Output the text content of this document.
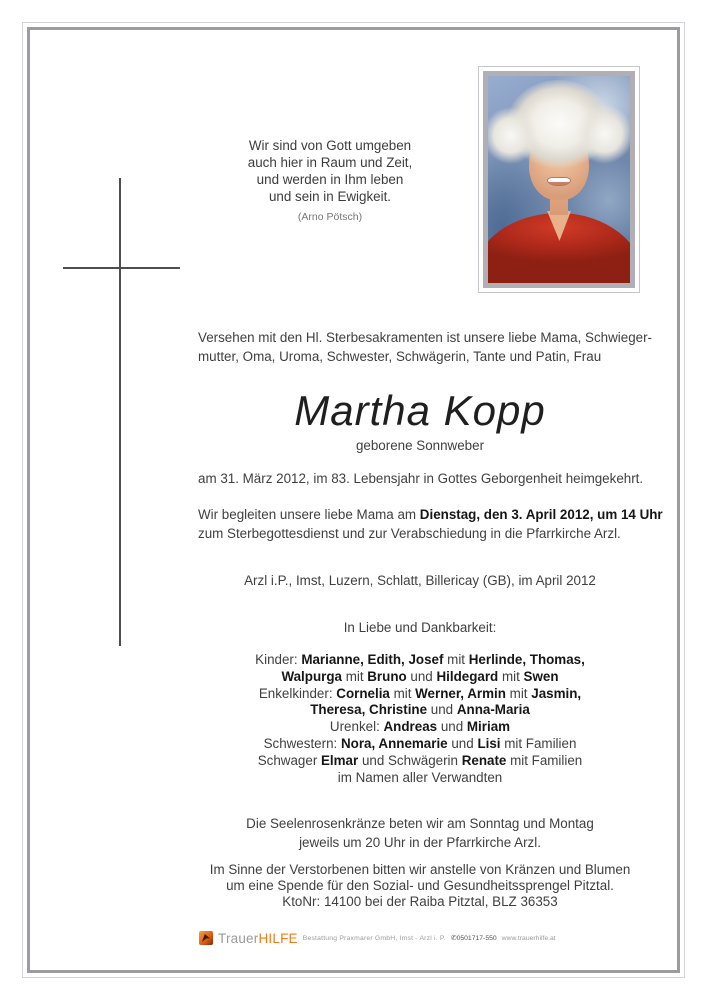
Wir sind von Gott umgeben
auch hier in Raum und Zeit,
und werden in Ihm leben
und sein in Ewigkeit.
(Arno Pötsch)
Versehen mit den Hl. Sterbesakramenten ist unsere liebe Mama, Schwieger-
mutter, Oma, Uroma, Schwester, Schwägerin, Tante und Patin, Frau
Martha Kopp
geborene Sonnweber
am 31. März 2012, im 83. Lebensjahr in Gottes Geborgenheit heimgekehrt.
Wir begleiten unsere liebe Mama am Dienstag, den 3. April 2012, um 14 Uhr
zum Sterbegottesdienst und zur Verabschiedung in die Pfarrkirche Arzl.
Arzl i.P., Imst, Luzern, Schlatt, Billericay (GB), im April 2012
In Liebe und Dankbarkeit:
Kinder: Marianne, Edith, Josef mit Herlinde, Thomas,
Walpurga mit Bruno und Hildegard mit Swen
Enkelkinder: Cornelia mit Werner, Armin mit Jasmin,
Theresa, Christine und Anna-Maria
Urenkel: Andreas und Miriam
Schwestern: Nora, Annemarie und Lisi mit Familien
Schwager Elmar und Schwägerin Renate mit Familien
im Namen aller Verwandten
Die Seelenrosenkränze beten wir am Sonntag und Montag
jeweils um 20 Uhr in der Pfarrkirche Arzl.
Im Sinne der Verstorbenen bitten wir anstelle von Kränzen und Blumen
um eine Spende für den Sozial- und Gesundheitssprengel Pitztal.
KtoNr: 14100 bei der Raiba Pitztal, BLZ 36353
TrauerHILFE Bestattung Praxmarer GmbH, Imst - Arzl i. P. ✆0501717-550 www.trauerhilfe.at
